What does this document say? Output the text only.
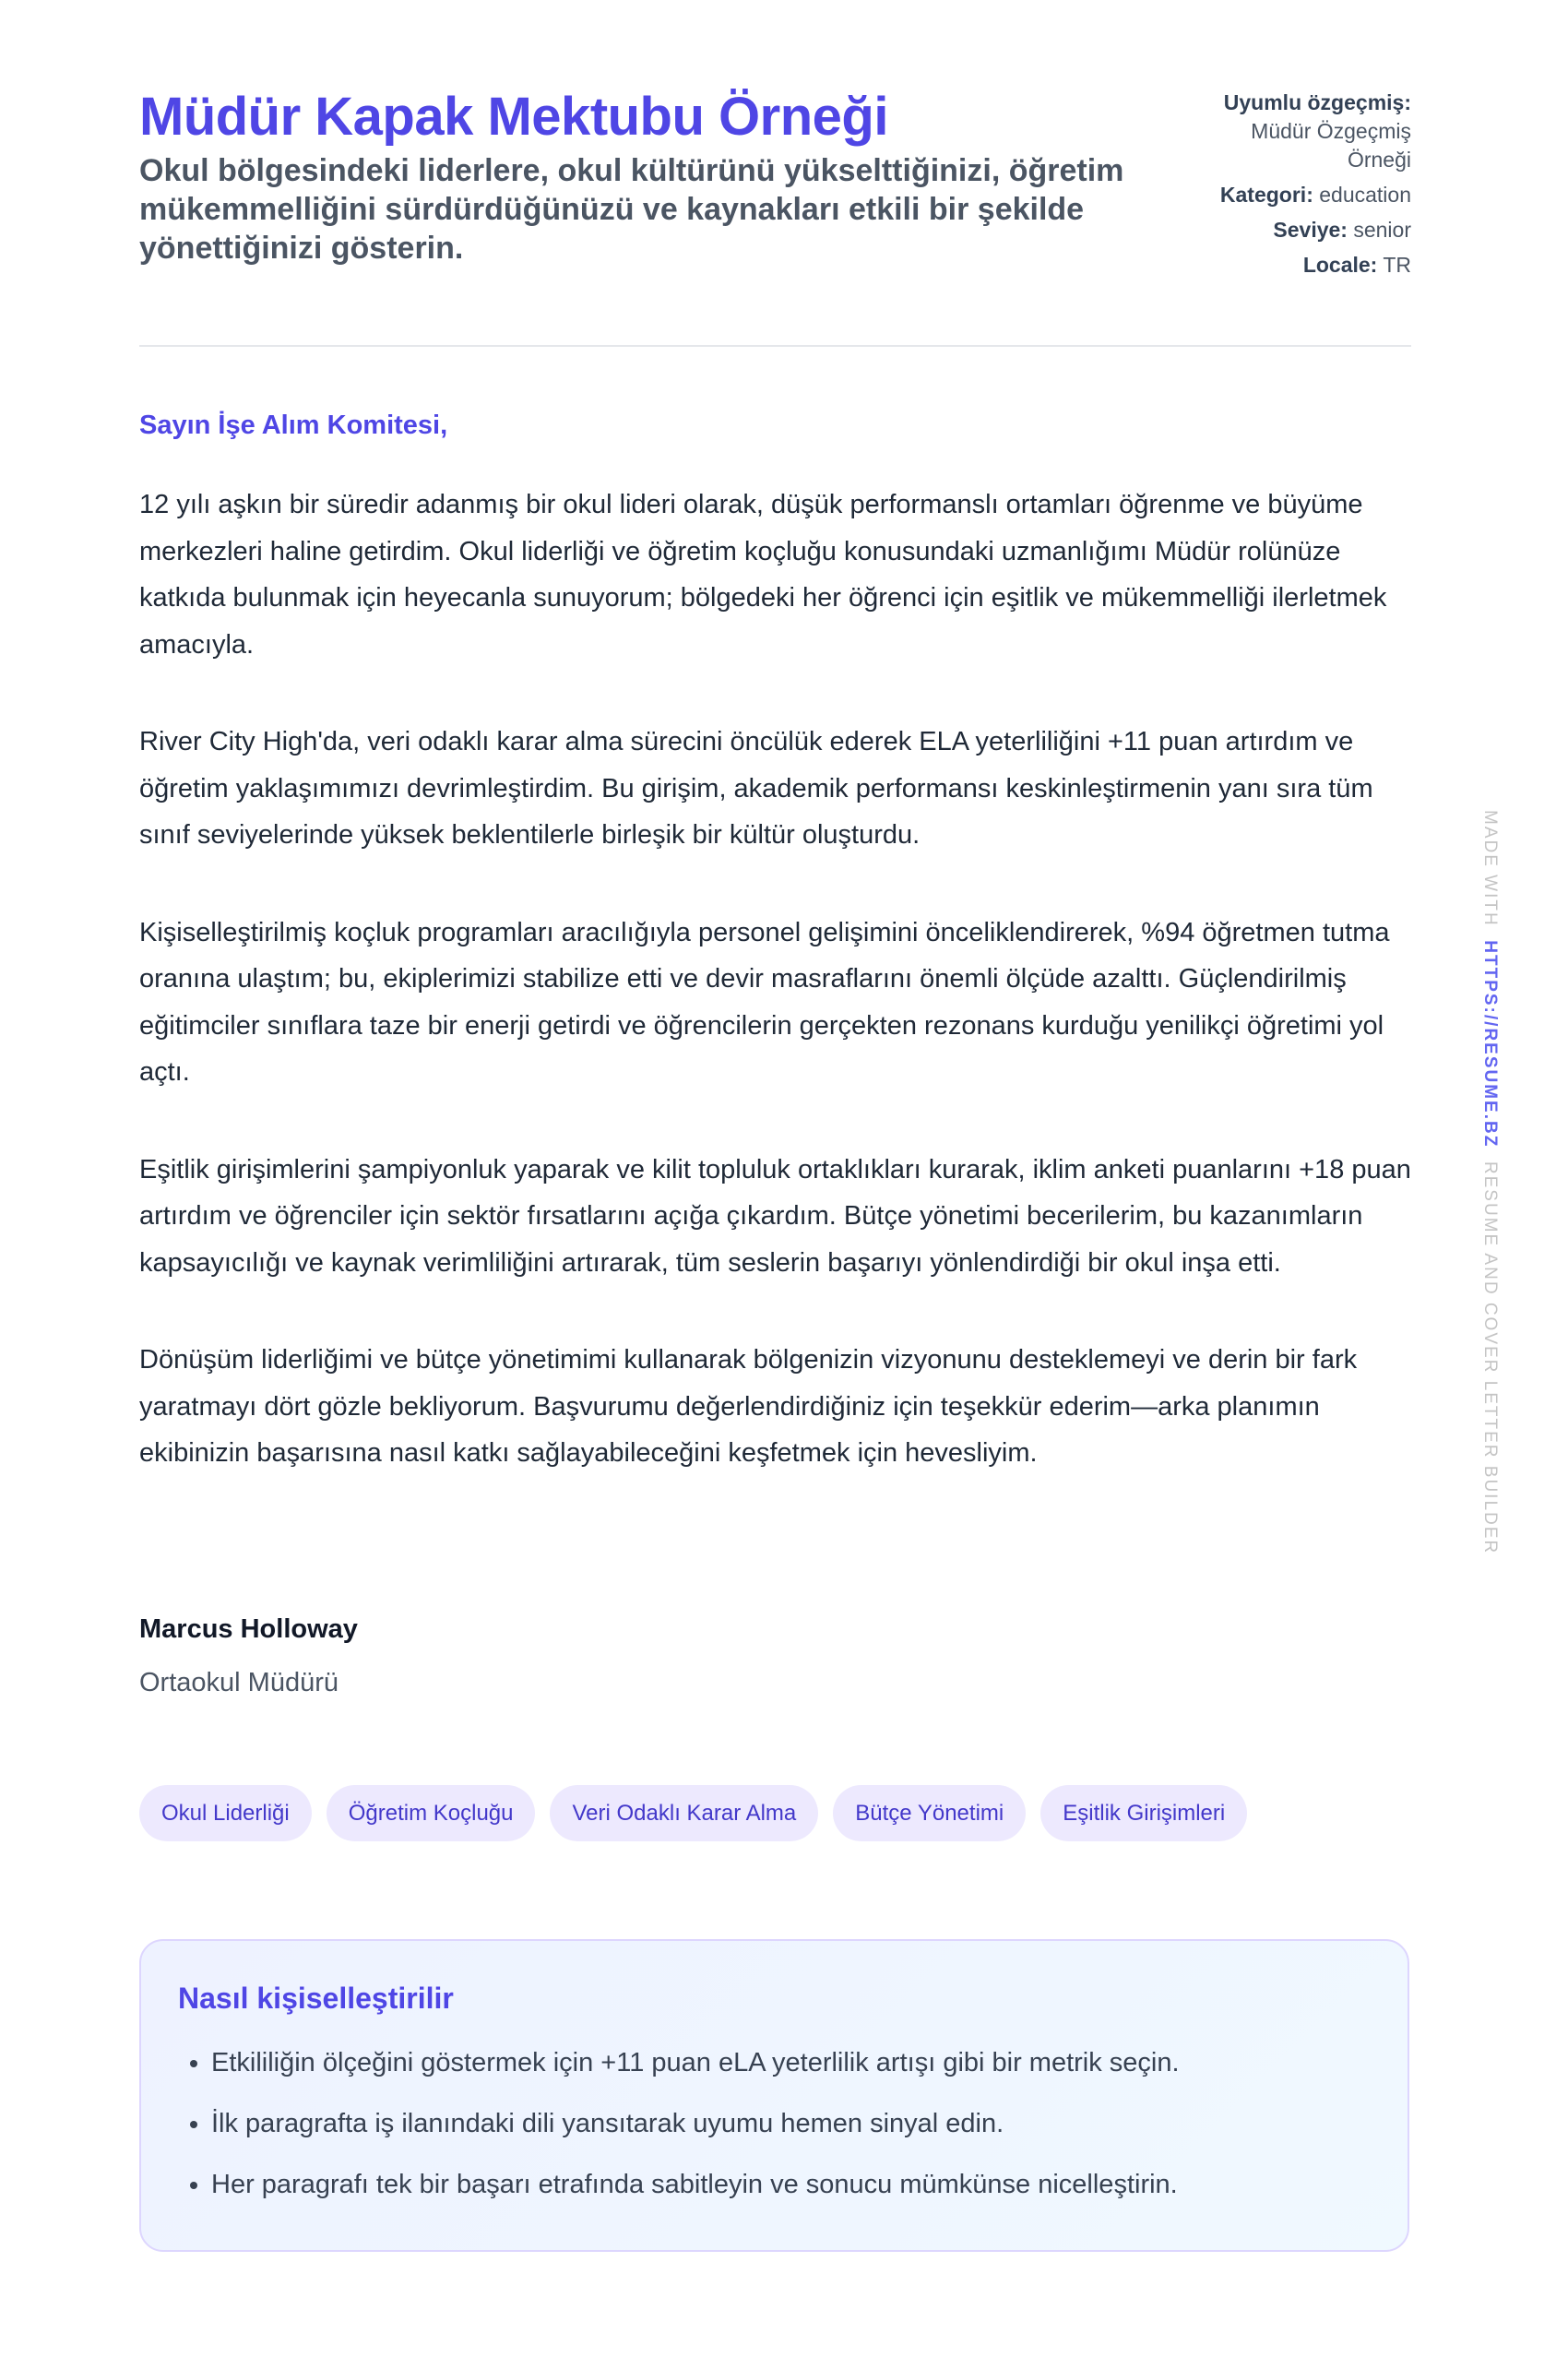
Müdür Kapak Mektubu Örneği
Okul bölgesindeki liderlere, okul kültürünü yükselttiğinizi, öğretim mükemmelliğini sürdürdüğünüzü ve kaynakları etkili bir şekilde yönettiğinizi gösterin.
Uyumlu özgeçmiş: Müdür Özgeçmiş Örneği
Kategori: education
Seviye: senior
Locale: TR
Sayın İşe Alım Komitesi,

12 yılı aşkın bir süredir adanmış bir okul lideri olarak, düşük performanslı ortamları öğrenme ve büyüme merkezleri haline getirdim. Okul liderliği ve öğretim koçluğu konusundaki uzmanlığımı Müdür rolünüze katkıda bulunmak için heyecanla sunuyorum; bölgedeki her öğrenci için eşitlik ve mükemmelliği ilerletmek amacıyla.

River City High'da, veri odaklı karar alma sürecini öncülük ederek ELA yeterliliğini +11 puan artırdım ve öğretim yaklaşımımızı devrimleştirdim. Bu girişim, akademik performansı keskinleştirmenin yanı sıra tüm sınıf seviyelerinde yüksek beklentilerle birleşik bir kültür oluşturdu.

Kişiselleştirilmiş koçluk programları aracılığıyla personel gelişimini önceliklendirerek, %94 öğretmen tutma oranına ulaştım; bu, ekiplerimizi stabilize etti ve devir masraflarını önemli ölçüde azalttı. Güçlendirilmiş eğitimciler sınıflara taze bir enerji getirdi ve öğrencilerin gerçekten rezonans kurduğu yenilikçi öğretimi yol açtı.

Eşitlik girişimlerini şampiyonluk yaparak ve kilit topluluk ortaklıkları kurarak, iklim anketi puanlarını +18 puan artırdım ve öğrenciler için sektör fırsatlarını açığa çıkardım. Bütçe yönetimi becerilerim, bu kazanımların kapsayıcılığı ve kaynak verimliliğini artırarak, tüm seslerin başarıyı yönlendirdiği bir okul inşa etti.

Dönüşüm liderliğimi ve bütçe yönetimimi kullanarak bölgenizin vizyonunu desteklemeyi ve derin bir fark yaratmayı dört gözle bekliyorum. Başvurumu değerlendirdiğiniz için teşekkür ederim—arka planımın ekibinizin başarısına nasıl katkı sağlayabileceğini keşfetmek için hevesliyim.

Marcus Holloway
Ortaokul Müdürü
Okul Liderliği	Öğretim Koçluğu	Veri Odaklı Karar Alma	Bütçe Yönetimi	Eşitlik Girişimleri
Nasıl kişiselleştirilir
• Etkililiğin ölçeğini göstermek için +11 puan eLA yeterlilik artışı gibi bir metrik seçin.
• İlk paragrafta iş ilanındaki dili yansıtarak uyumu hemen sinyal edin.
• Her paragrafı tek bir başarı etrafında sabitleyin ve sonucu mümkünse nicelleştirin.
MADE WITH  HTTPS://RESUME.BZ  RESUME AND COVER LETTER BUILDER
